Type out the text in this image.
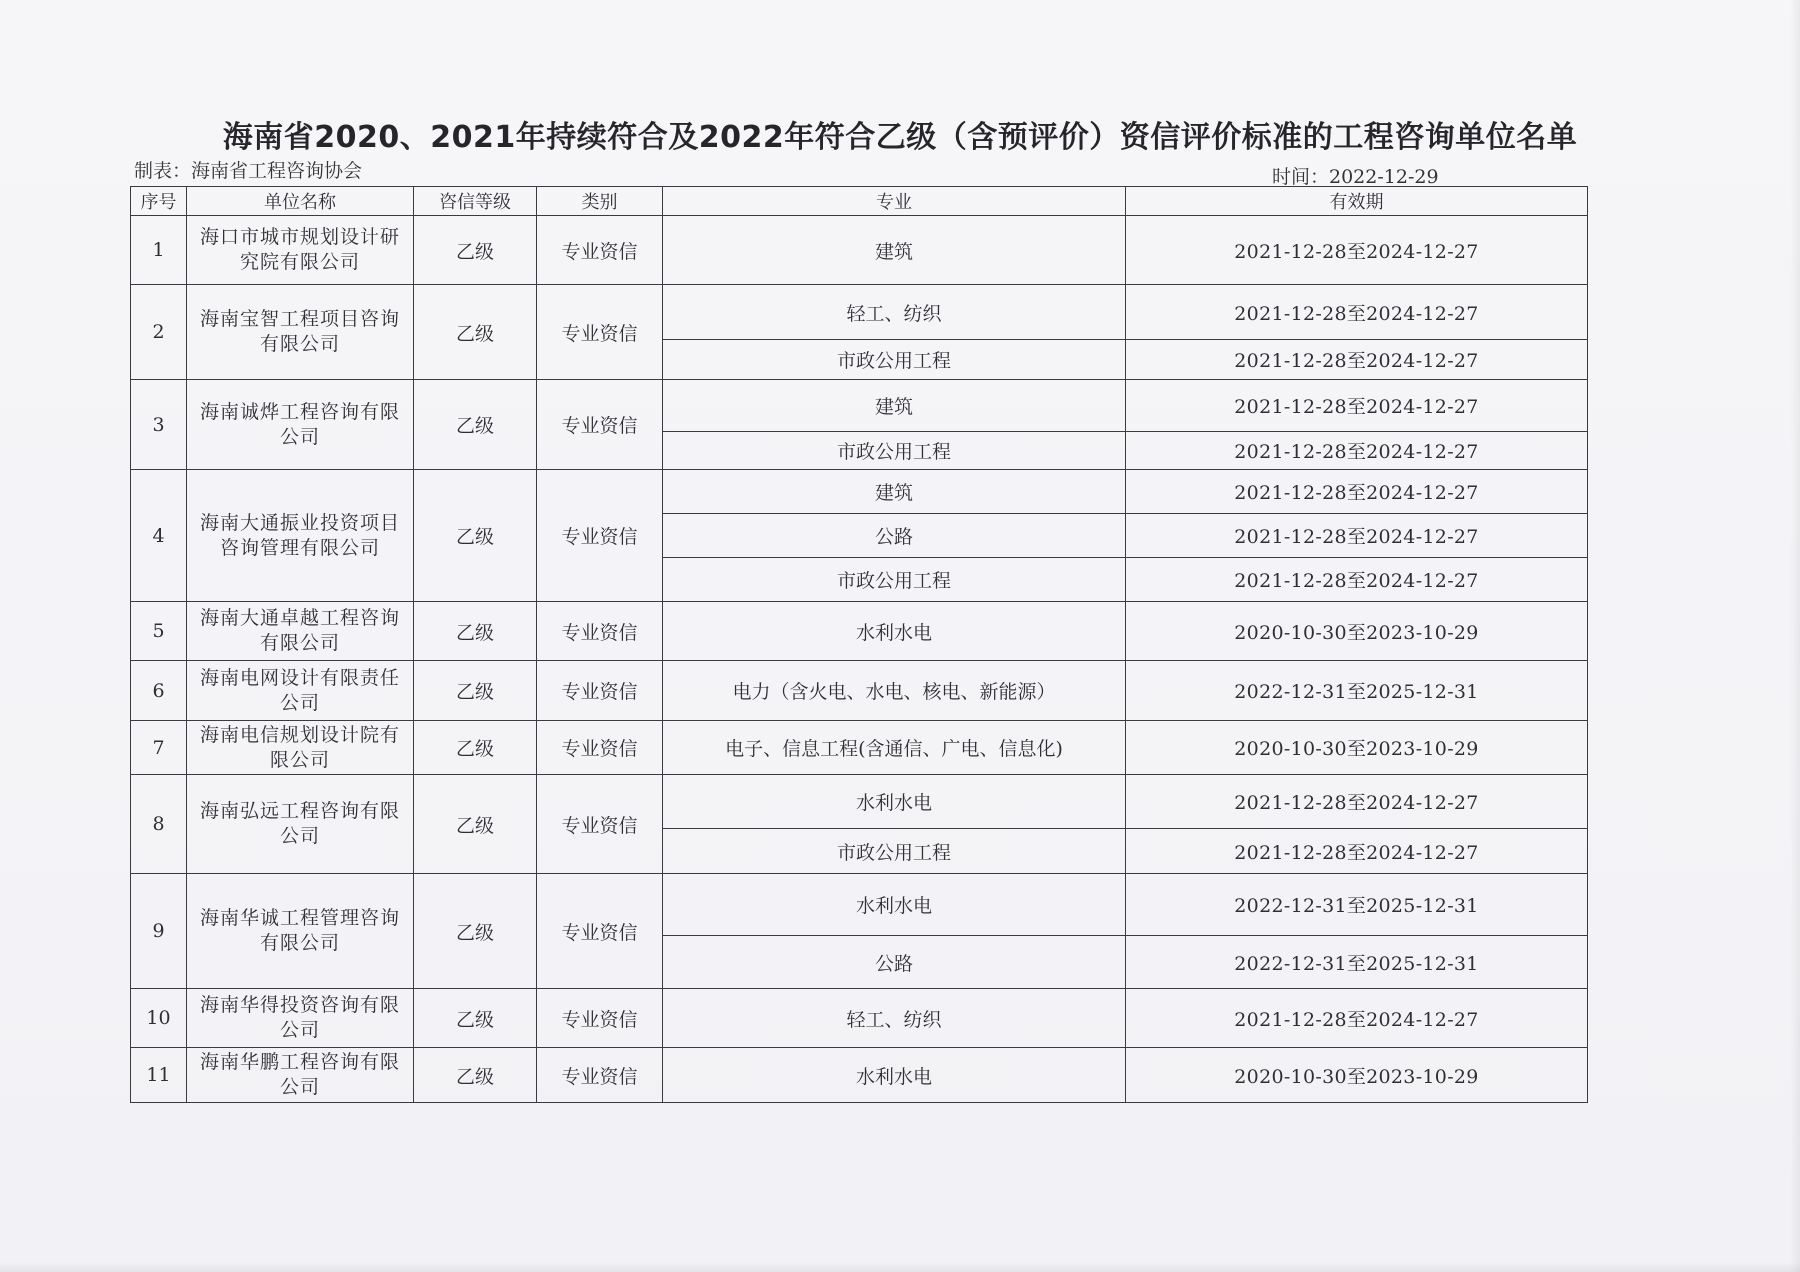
海南省2020、2021年持续符合及2022年符合乙级（含预评价）资信评价标准的工程咨询单位名单
制表：海南省工程咨询协会	时间：2022-12-29
序号	单位名称	咨信等级	类别	专业	有效期
1	海口市城市规划设计研究院有限公司	乙级	专业资信	建筑	2021-12-28至2024-12-27
2	海南宝智工程项目咨询有限公司	乙级	专业资信	轻工、纺织	2021-12-28至2024-12-27
				市政公用工程	2021-12-28至2024-12-27
3	海南诚烨工程咨询有限公司	乙级	专业资信	建筑	2021-12-28至2024-12-27
				市政公用工程	2021-12-28至2024-12-27
4	海南大通振业投资项目咨询管理有限公司	乙级	专业资信	建筑	2021-12-28至2024-12-27
				公路	2021-12-28至2024-12-27
				市政公用工程	2021-12-28至2024-12-27
5	海南大通卓越工程咨询有限公司	乙级	专业资信	水利水电	2020-10-30至2023-10-29
6	海南电网设计有限责任公司	乙级	专业资信	电力（含火电、水电、核电、新能源）	2022-12-31至2025-12-31
7	海南电信规划设计院有限公司	乙级	专业资信	电子、信息工程(含通信、广电、信息化)	2020-10-30至2023-10-29
8	海南弘远工程咨询有限公司	乙级	专业资信	水利水电	2021-12-28至2024-12-27
				市政公用工程	2021-12-28至2024-12-27
9	海南华诚工程管理咨询有限公司	乙级	专业资信	水利水电	2022-12-31至2025-12-31
				公路	2022-12-31至2025-12-31
10	海南华得投资咨询有限公司	乙级	专业资信	轻工、纺织	2021-12-28至2024-12-27
11	海南华鹏工程咨询有限公司	乙级	专业资信	水利水电	2020-10-30至2023-10-29
